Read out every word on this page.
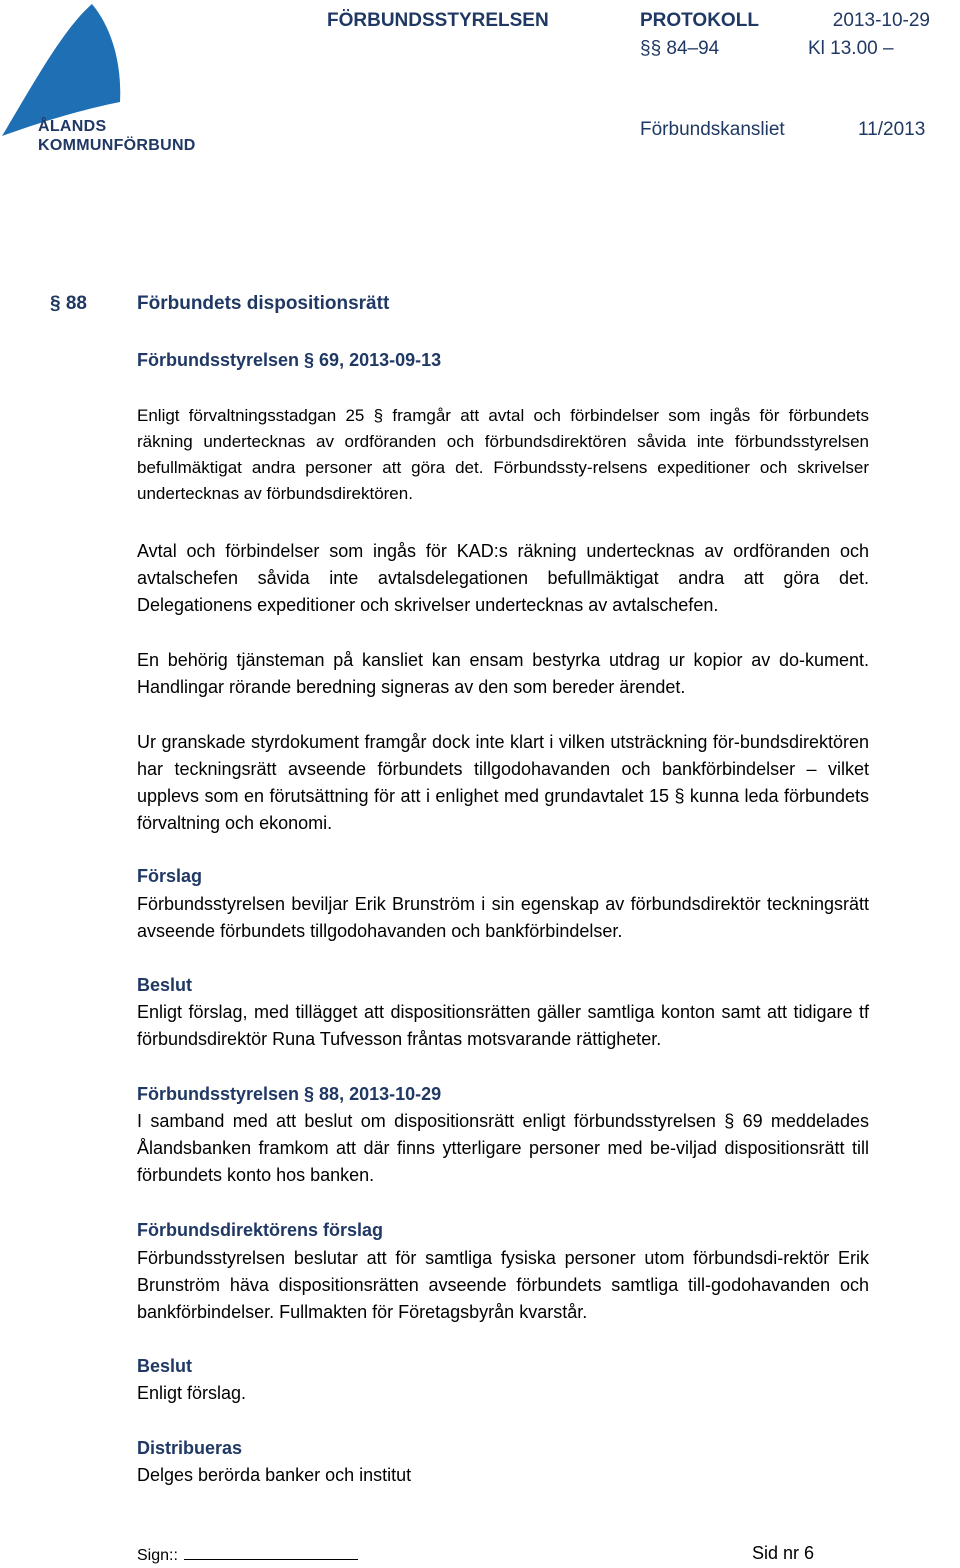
ÅLANDS
KOMMUNFÖRBUND
FÖRBUNDSSTYRELSEN	PROTOKOLL	2013-10-29
§§ 84–94	Kl 13.00 –
Förbundskansliet	11/2013
§ 88	Förbundets dispositionsrätt
Förbundsstyrelsen § 69, 2013-09-13
Enligt förvaltningsstadgan 25 § framgår att avtal och förbindelser som ingås för förbundets räkning undertecknas av ordföranden och förbundsdirektören såvida inte förbundsstyrelsen befullmäktigat andra personer att göra det. Förbundssty-relsens expeditioner och skrivelser undertecknas av förbundsdirektören.
Avtal och förbindelser som ingås för KAD:s räkning undertecknas av ordföranden och avtalschefen såvida inte avtalsdelegationen befullmäktigat andra att göra det. Delegationens expeditioner och skrivelser undertecknas av avtalschefen.
En behörig tjänsteman på kansliet kan ensam bestyrka utdrag ur kopior av do-kument. Handlingar rörande beredning signeras av den som bereder ärendet.
Ur granskade styrdokument framgår dock inte klart i vilken utsträckning för-bundsdirektören har teckningsrätt avseende förbundets tillgodohavanden och bankförbindelser – vilket upplevs som en förutsättning för att i enlighet med grundavtalet 15 § kunna leda förbundets förvaltning och ekonomi.
Förslag
Förbundsstyrelsen beviljar Erik Brunström i sin egenskap av förbundsdirektör teckningsrätt avseende förbundets tillgodohavanden och bankförbindelser.
Beslut
Enligt förslag, med tillägget att dispositionsrätten gäller samtliga konton samt att tidigare tf förbundsdirektör Runa Tufvesson fråntas motsvarande rättigheter.
Förbundsstyrelsen § 88, 2013-10-29
I samband med att beslut om dispositionsrätt enligt förbundsstyrelsen § 69 meddelades Ålandsbanken framkom att där finns ytterligare personer med be-viljad dispositionsrätt till förbundets konto hos banken.
Förbundsdirektörens förslag
Förbundsstyrelsen beslutar att för samtliga fysiska personer utom förbundsdi-rektör Erik Brunström häva dispositionsrätten avseende förbundets samtliga till-godohavanden och bankförbindelser. Fullmakten för Företagsbyrån kvarstår.
Beslut
Enligt förslag.
Distribueras
Delges berörda banker och institut
Sign::	Sid nr 6
